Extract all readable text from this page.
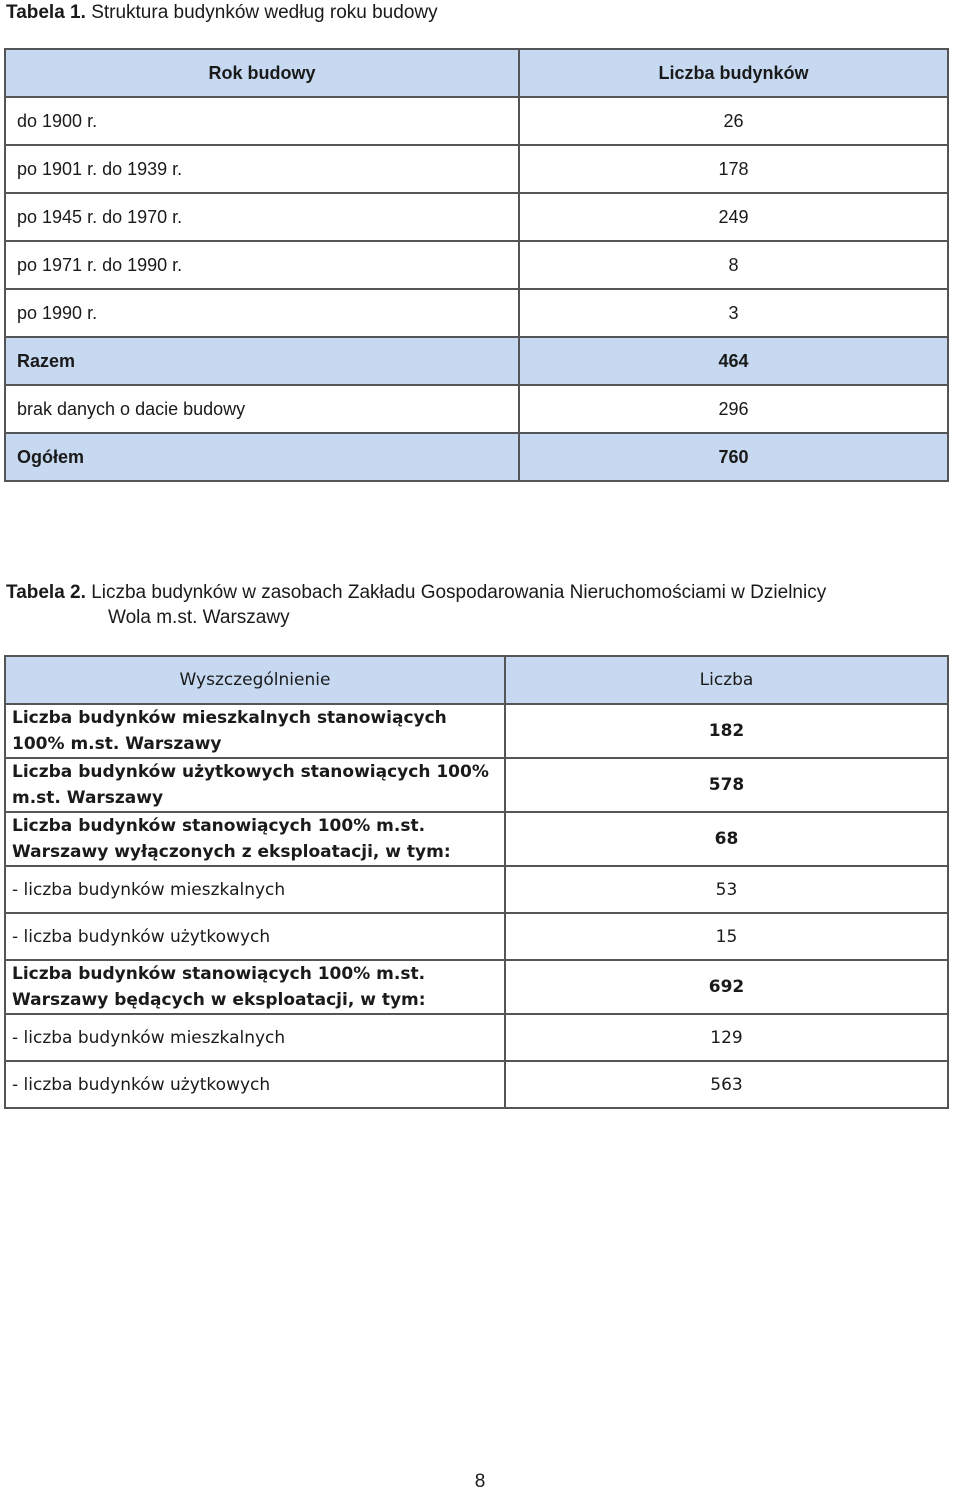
Tabela 1. Struktura budynków według roku budowy
Rok budowy	Liczba budynków
do 1900 r.	26
po 1901 r. do 1939 r.	178
po 1945 r. do 1970 r.	249
po 1971 r. do 1990 r.	8
po 1990 r.	3
Razem	464
brak danych o dacie budowy	296
Ogółem	760
Tabela 2. Liczba budynków w zasobach Zakładu Gospodarowania Nieruchomościami w Dzielnicy
Wola m.st. Warszawy
Wyszczególnienie	Liczba
Liczba budynków mieszkalnych stanowiących 100% m.st. Warszawy	182
Liczba budynków użytkowych stanowiących 100% m.st. Warszawy	578
Liczba budynków stanowiących 100% m.st. Warszawy wyłączonych z eksploatacji, w tym:	68
- liczba budynków mieszkalnych	53
- liczba budynków użytkowych	15
Liczba budynków stanowiących 100% m.st. Warszawy będących w eksploatacji, w tym:	692
- liczba budynków mieszkalnych	129
- liczba budynków użytkowych	563
8
